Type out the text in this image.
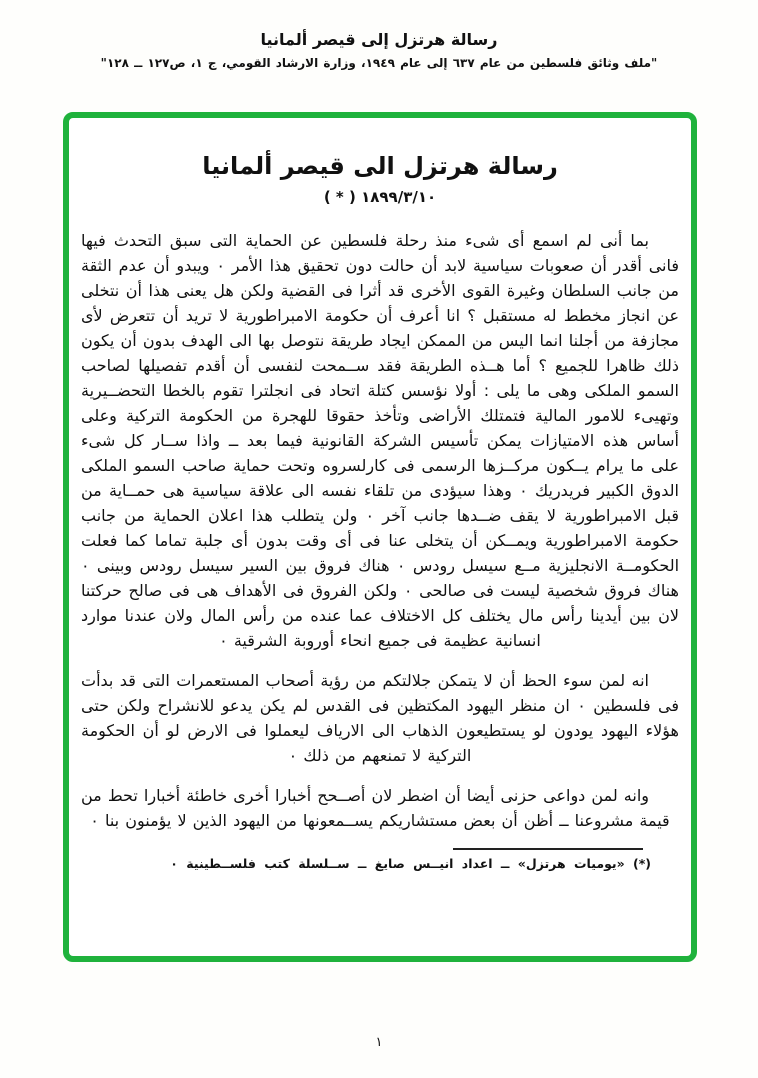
رسالة هرتزل إلى قيصر ألمانيا
"ملف وثائق فلسطين من عام ٦٣٧ إلى عام ١٩٤٩، وزارة الارشاد القومي، ج ١، ص١٢٧ ــ ١٢٨"
رسالة هرتزل الى قيصر ألمانيا
١٨٩٩/٣/١٠ ( * )

بما أنى لم اسمع أى شىء منذ رحلة فلسطين عن الحماية التى سبق التحدث فيها فانى أقدر أن صعوبات سياسية لابد أن حالت دون تحقيق هذا الأمر ٠ ويبدو أن عدم الثقة من جانب السلطان وغيرة القوى الأخرى قد أثرا فى القضية ولكن هل يعنى هذا أن نتخلى عن انجاز مخطط له مستقبل ؟ انا أعرف أن حكومة الامبراطورية لا تريد أن تتعرض لأى مجازفة من أجلنا انما اليس من الممكن ايجاد طريقة نتوصل بها الى الهدف بدون أن يكون ذلك ظاهرا للجميع ؟ أما هــذه الطريقة فقد ســمحت لنفسى أن أقدم تفصيلها لصاحب السمو الملكى وهى ما يلى : أولا نؤسس كتلة اتحاد فى انجلترا تقوم بالخطا التحضــيرية وتهيىء للامور المالية فتمتلك الأراضى وتأخذ حقوقا للهجرة من الحكومة التركية وعلى أساس هذه الامتيازات يمكن تأسيس الشركة القانونية فيما بعد ــ واذا ســار كل شىء على ما يرام يــكون مركــزها الرسمى فى كارلسروه وتحت حماية صاحب السمو الملكى الدوق الكبير فريدريك ٠ وهذا سيؤدى من تلقاء نفسه الى علاقة سياسية هى حمــاية من قبل الامبراطورية لا يقف ضــدها جانب آخر ٠ ولن يتطلب هذا اعلان الحماية من جانب حكومة الامبراطورية ويمــكن أن يتخلى عنا فى أى وقت بدون أى جلبة تماما كما فعلت الحكومــة الانجليزية مــع سيسل رودس ٠ هناك فروق بين السير سيسل رودس وبينى ٠ هناك فروق شخصية ليست فى صالحى ٠ ولكن الفروق فى الأهداف هى فى صالح حركتنا لان بين أيدينا رأس مال يختلف كل الاختلاف عما عنده من رأس المال ولان عندنا موارد انسانية عظيمة فى جميع انحاء أوروبة الشرقية ٠

انه لمن سوء الحظ أن لا يتمكن جلالتكم من رؤية أصحاب المستعمرات التى قد بدأت فى فلسطين ٠ ان منظر اليهود المكتظين فى القدس لم يكن يدعو للانشراح ولكن حتى هؤلاء اليهود يودون لو يستطيعون الذهاب الى الارياف ليعملوا فى الارض لو أن الحكومة التركية لا تمنعهم من ذلك ٠

وانه لمن دواعى حزنى أيضا أن اضطر لان أصــحح أخبارا أخرى خاطئة أخبارا تحط من قيمة مشروعنا ــ أظن أن بعض مستشاريكم يســمعونها من اليهود الذين لا يؤمنون بنا ٠

(*) «يوميات هرتزل» ــ اعداد انيــس صايغ ــ ســلسلة كتب فلســطينية ٠
١
